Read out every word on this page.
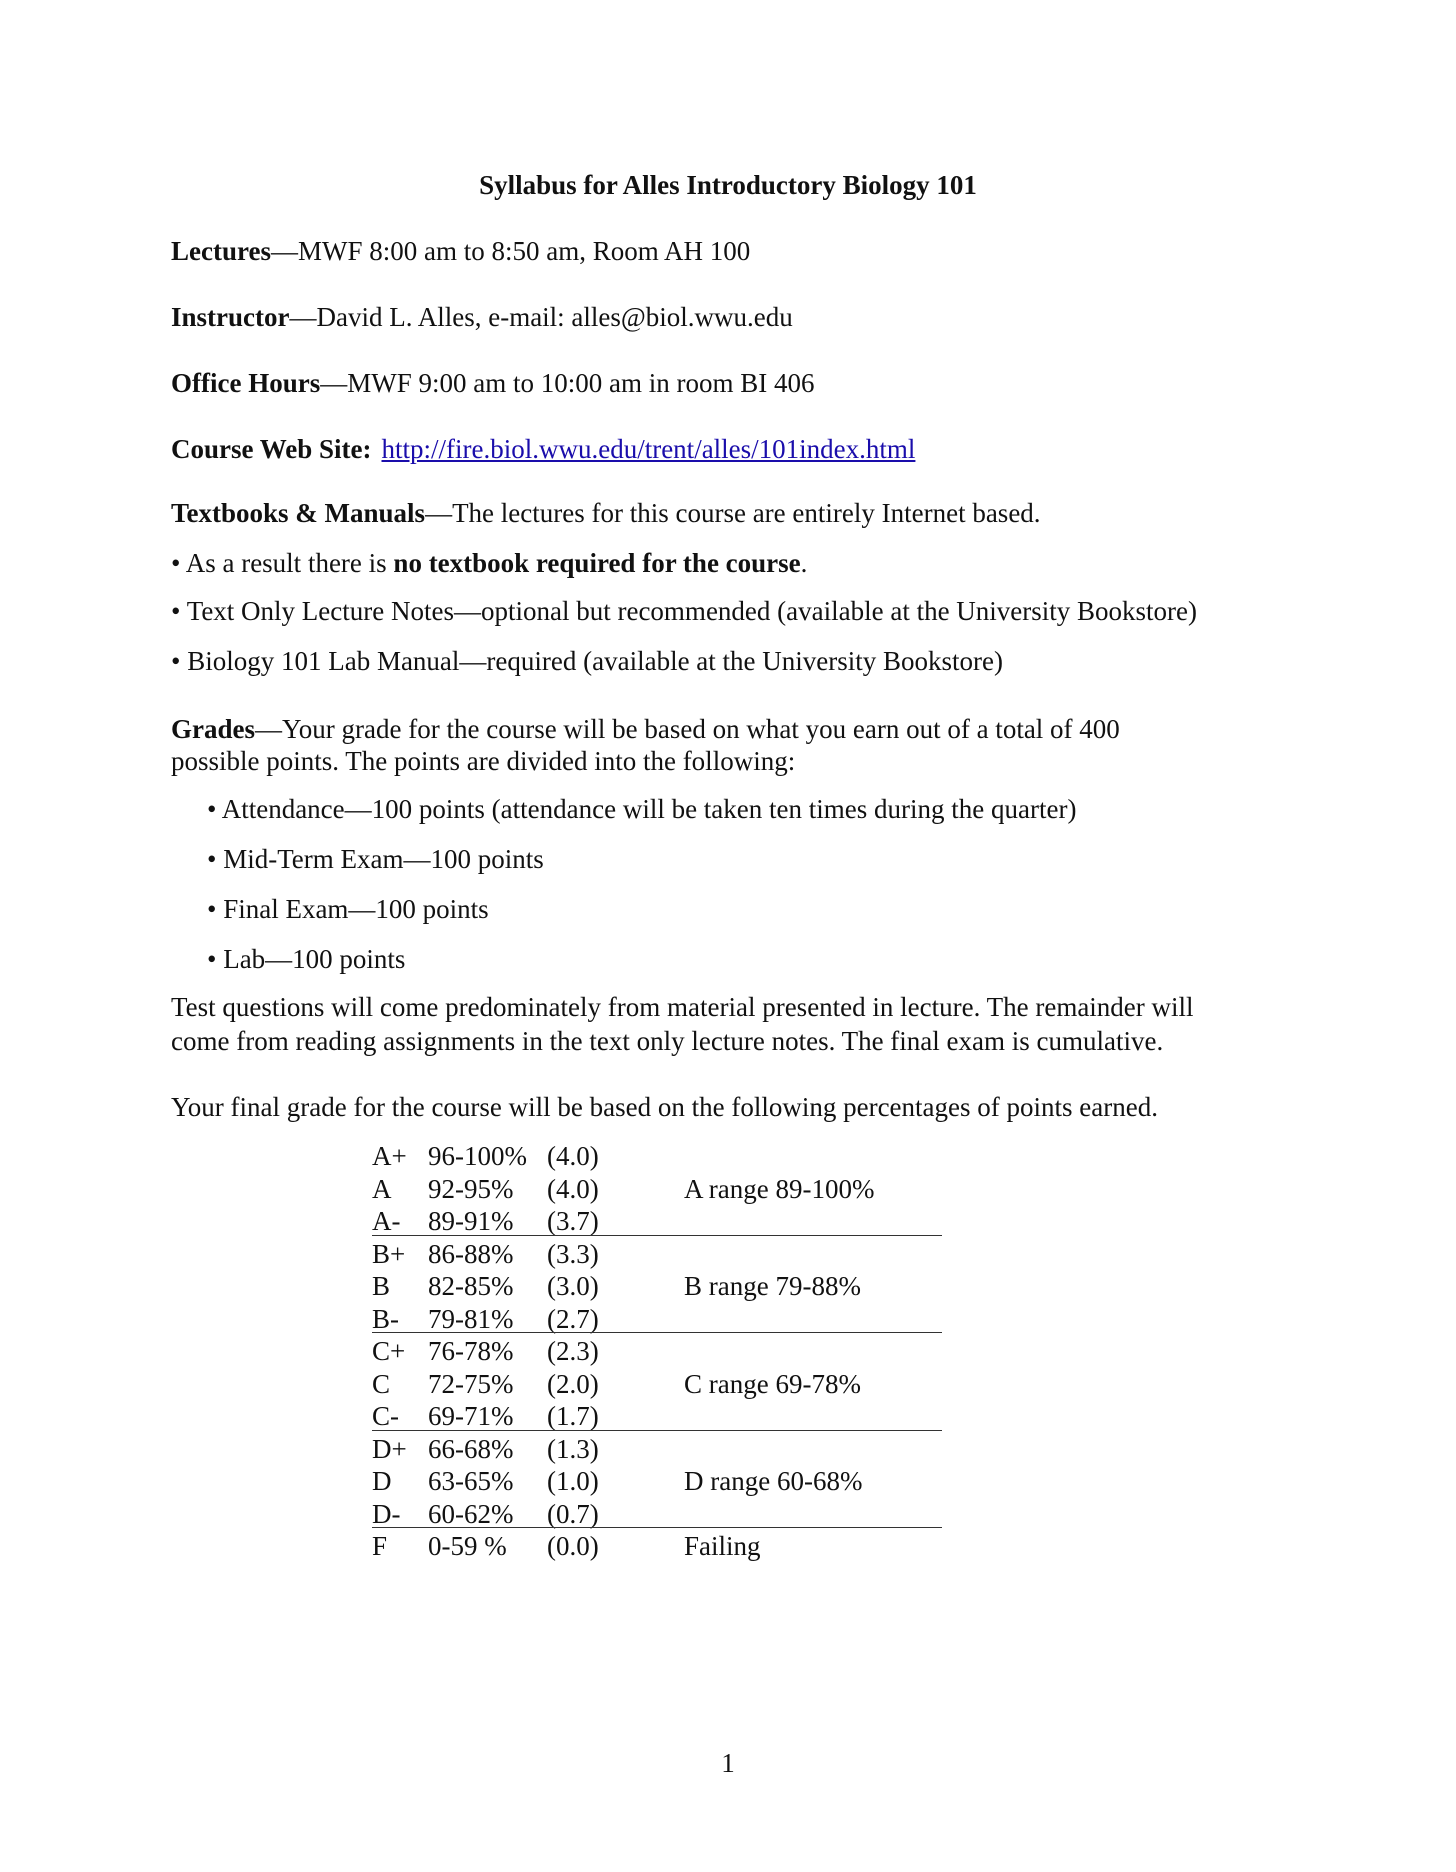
Syllabus for Alles Introductory Biology 101
Lectures—MWF 8:00 am to 8:50 am, Room AH 100
Instructor—David L. Alles, e-mail: alles@biol.wwu.edu
Office Hours—MWF 9:00 am to 10:00 am in room BI 406
Course Web Site: http://fire.biol.wwu.edu/trent/alles/101index.html
Textbooks & Manuals—The lectures for this course are entirely Internet based.
• As a result there is no textbook required for the course.
• Text Only Lecture Notes—optional but recommended (available at the University Bookstore)
• Biology 101 Lab Manual—required (available at the University Bookstore)
Grades—Your grade for the course will be based on what you earn out of a total of 400
possible points. The points are divided into the following:
• Attendance—100 points (attendance will be taken ten times during the quarter)
• Mid-Term Exam—100 points
• Final Exam—100 points
• Lab—100 points
Test questions will come predominately from material presented in lecture. The remainder will
come from reading assignments in the text only lecture notes. The final exam is cumulative.
Your final grade for the course will be based on the following percentages of points earned.
A+ 96-100% (4.0)
A 92-95% (4.0)	A range 89-100%
A- 89-91% (3.7)
B+ 86-88% (3.3)
B 82-85% (3.0)	B range 79-88%
B- 79-81% (2.7)
C+ 76-78% (2.3)
C 72-75% (2.0)	C range 69-78%
C- 69-71% (1.7)
D+ 66-68% (1.3)
D 63-65% (1.0)	D range 60-68%
D- 60-62% (0.7)
F 0-59 % (0.0)	Failing
1
